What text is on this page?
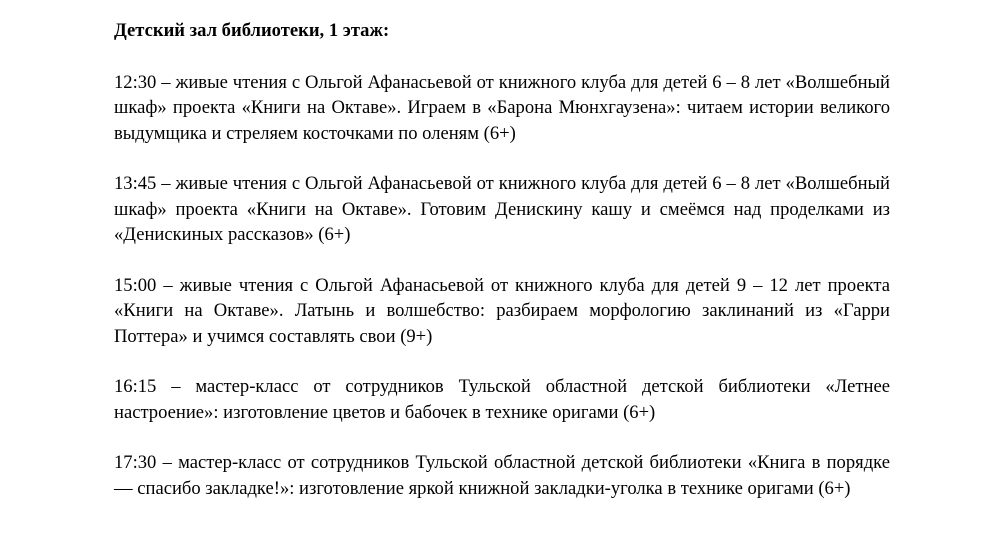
Детский зал библиотеки, 1 этаж:

12:30 – живые чтения с Ольгой Афанасьевой от книжного клуба для детей 6 – 8 лет «Волшебный шкаф» проекта «Книги на Октаве». Играем в «Барона Мюнхгаузена»: читаем истории великого выдумщика и стреляем косточками по оленям (6+)

13:45 – живые чтения с Ольгой Афанасьевой от книжного клуба для детей 6 – 8 лет «Волшебный шкаф» проекта «Книги на Октаве». Готовим Денискину кашу и смеёмся над проделками из «Денискиных рассказов» (6+)

15:00 – живые чтения с Ольгой Афанасьевой от книжного клуба для детей 9 – 12 лет проекта «Книги на Октаве». Латынь и волшебство: разбираем морфологию заклинаний из «Гарри Поттера» и учимся составлять свои (9+)

16:15 – мастер-класс от сотрудников Тульской областной детской библиотеки «Летнее настроение»: изготовление цветов и бабочек в технике оригами (6+)

17:30 – мастер-класс от сотрудников Тульской областной детской библиотеки «Книга в порядке — спасибо закладке!»: изготовление яркой книжной закладки-уголка в технике оригами (6+)
